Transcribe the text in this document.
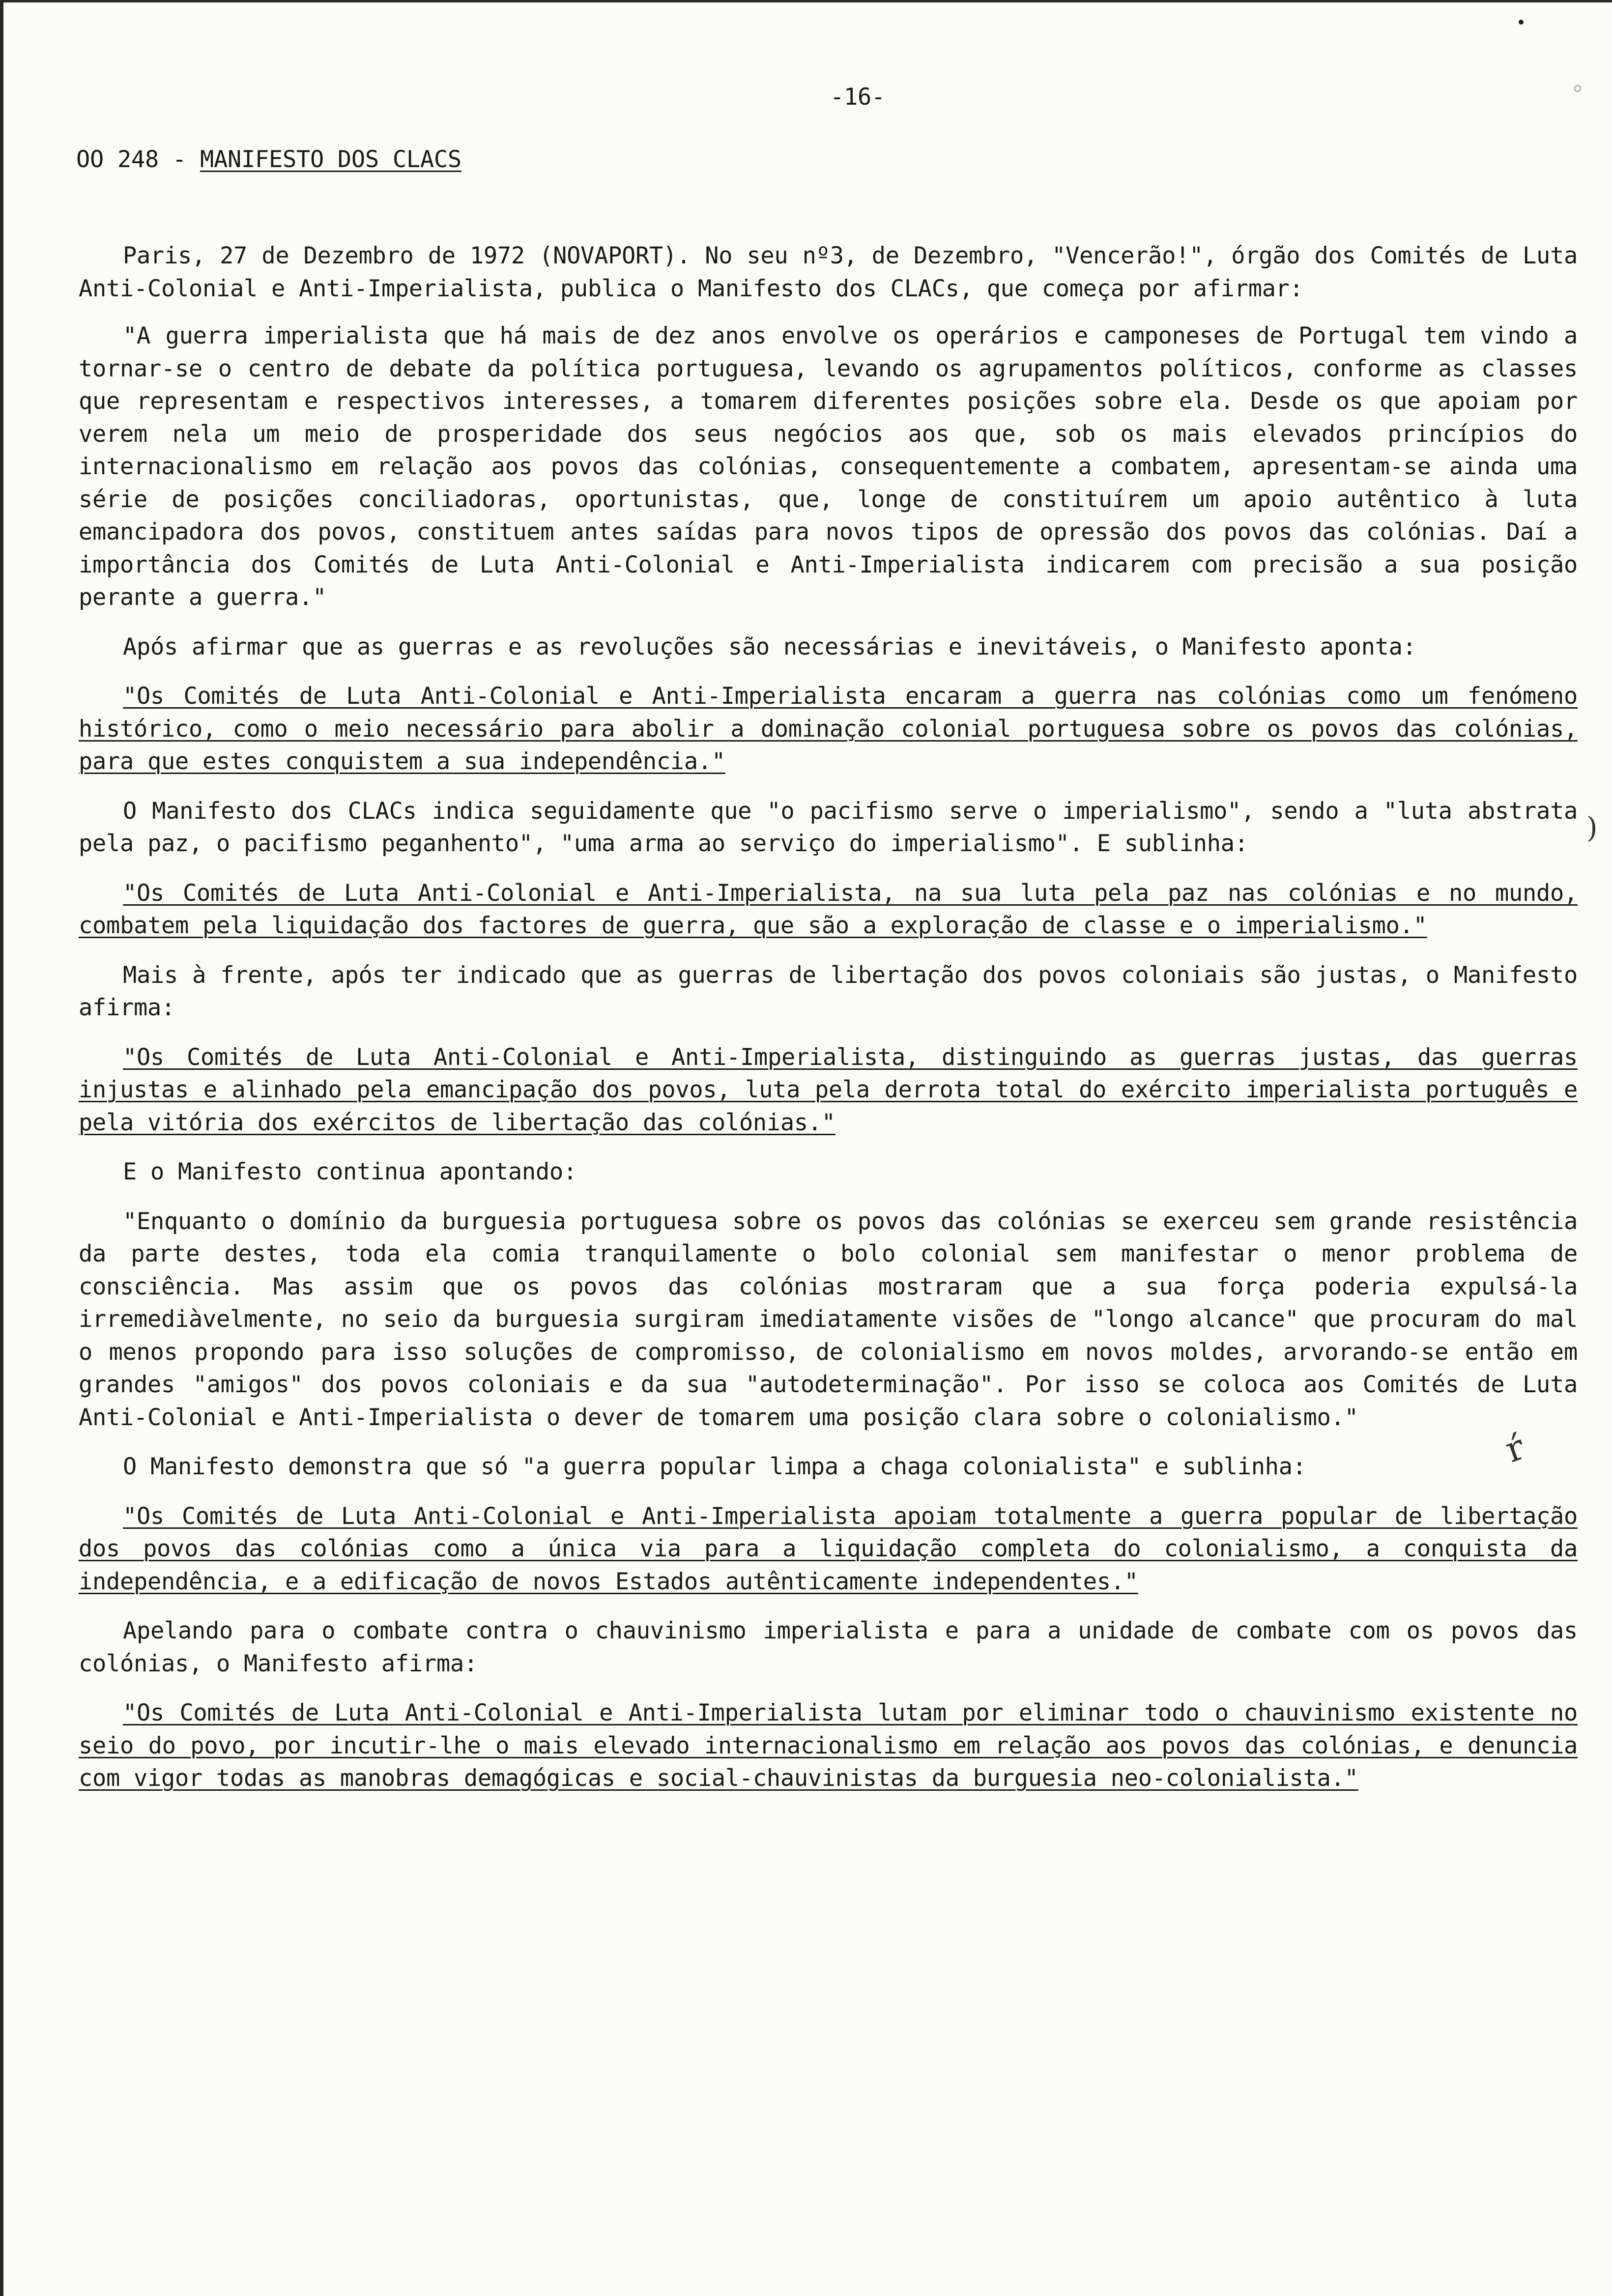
)
ŕ
-16-
OO 248 - MANIFESTO DOS CLACS
Paris, 27 de Dezembro de 1972 (NOVAPORT). No seu nº3, de Dezembro, "Vencerão!", órgão dos Comités de Luta Anti-Colonial e Anti-Imperialista, publica o Manifesto dos CLACs, que começa por afirmar:
"A guerra imperialista que há mais de dez anos envolve os operários e camponeses de Portugal tem vindo a tornar-se o centro de debate da política portuguesa, levando os agrupamentos políticos, conforme as classes que representam e respectivos interesses, a tomarem diferentes posições sobre ela. Desde os que apoiam por verem nela um meio de prosperidade dos seus negócios aos que, sob os mais elevados princípios do internacionalismo em relação aos povos das colónias, consequentemente a combatem, apresentam-se ainda uma série de posições conciliadoras, oportunistas, que, longe de constituírem um apoio autêntico à luta emancipadora dos povos, constituem antes saídas para novos tipos de opressão dos povos das colónias. Daí a importância dos Comités de Luta Anti-Colonial e Anti-Imperialista indicarem com precisão a sua posição perante a guerra."
Após afirmar que as guerras e as revoluções são necessárias e inevitáveis, o Manifesto aponta:
"Os Comités de Luta Anti-Colonial e Anti-Imperialista encaram a guerra nas colónias como um fenómeno histórico, como o meio necessário para abolir a dominação colonial portuguesa sobre os povos das colónias, para que estes conquistem a sua independência."
O Manifesto dos CLACs indica seguidamente que "o pacifismo serve o imperialismo", sendo a "luta abstrata pela paz, o pacifismo peganhento", "uma arma ao serviço do imperialismo". E sublinha:
"Os Comités de Luta Anti-Colonial e Anti-Imperialista, na sua luta pela paz nas colónias e no mundo, combatem pela liquidação dos factores de guerra, que são a exploração de classe e o imperialismo."
Mais à frente, após ter indicado que as guerras de libertação dos povos coloniais são justas, o Manifesto afirma:
"Os Comités de Luta Anti-Colonial e Anti-Imperialista, distinguindo as guerras justas, das guerras injustas e alinhado pela emancipação dos povos, luta pela derrota total do exército imperialista português e pela vitória dos exércitos de libertação das colónias."
E o Manifesto continua apontando:
"Enquanto o domínio da burguesia portuguesa sobre os povos das colónias se exerceu sem grande resistência da parte destes, toda ela comia tranquilamente o bolo colonial sem manifestar o menor problema de consciência. Mas assim que os povos das colónias mostraram que a sua força poderia expulsá-la irremediàvelmente, no seio da burguesia surgiram imediatamente visões de "longo alcance" que procuram do mal o menos propondo para isso soluções de compromisso, de colonialismo em novos moldes, arvorando-se então em grandes "amigos" dos povos coloniais e da sua "autodeterminação". Por isso se coloca aos Comités de Luta Anti-Colonial e Anti-Imperialista o dever de tomarem uma posição clara sobre o colonialismo."
O Manifesto demonstra que só "a guerra popular limpa a chaga colonialista" e sublinha:
"Os Comités de Luta Anti-Colonial e Anti-Imperialista apoiam totalmente a guerra popular de libertação dos povos das colónias como a única via para a liquidação completa do colonialismo, a conquista da independência, e a edificação de novos Estados autênticamente independentes."
Apelando para o combate contra o chauvinismo imperialista e para a unidade de combate com os povos das colónias, o Manifesto afirma:
"Os Comités de Luta Anti-Colonial e Anti-Imperialista lutam por eliminar todo o chauvinismo existente no seio do povo, por incutir-lhe o mais elevado internacionalismo em relação aos povos das colónias, e denuncia com vigor todas as manobras demagógicas e social-chauvinistas da burguesia neo-colonialista."
